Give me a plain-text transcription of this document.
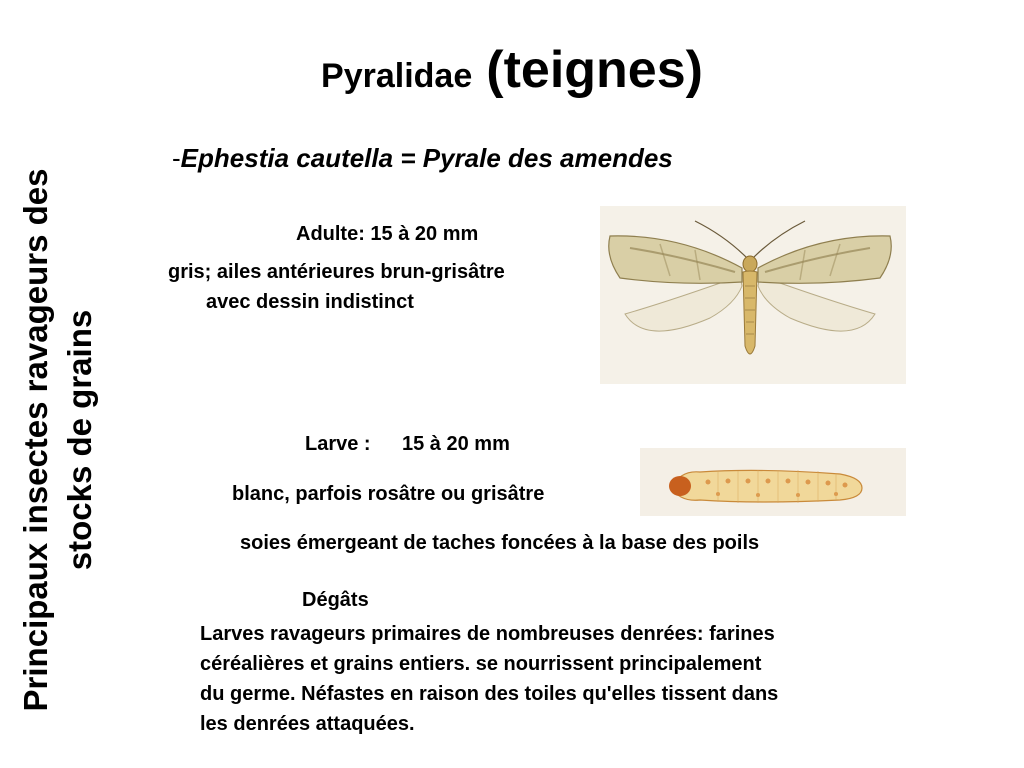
Pyralidae (teignes)
Principaux insectes ravageurs des stocks de grains
-Ephestia cautella = Pyrale des amendes
Adulte: 15 à 20 mm
gris; ailes antérieures brun-grisâtre
avec dessin indistinct
Larve : 15 à 20 mm
blanc, parfois rosâtre ou grisâtre
soies émergeant de taches foncées à la base des poils
Dégâts
Larves ravageurs primaires de nombreuses denrées: farines
céréalières et grains entiers. se nourrissent principalement
du germe. Néfastes en raison des toiles qu'elles tissent dans
les denrées attaquées.
